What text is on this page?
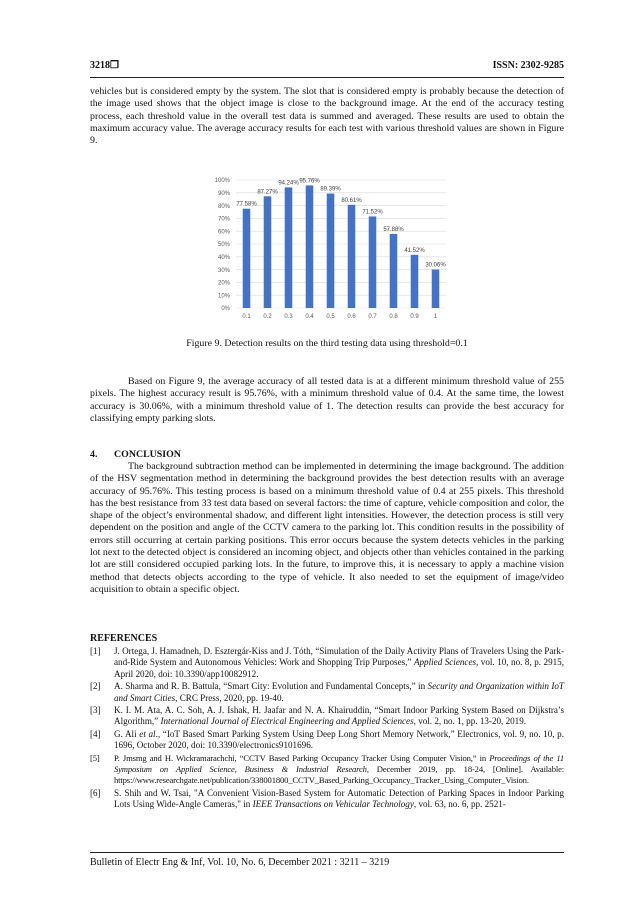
3218❒	ISSN: 2302-9285

vehicles but is considered empty by the system. The slot that is considered empty is probably because the detection of the image used shows that the object image is close to the background image. At the end of the accuracy testing process, each threshold value in the overall test data is summed and averaged. These results are used to obtain the maximum accuracy value. The average accuracy results for each test with various threshold values are shown in Figure 9.

0%
10%
20%
30%
40%
50%
60%
70%
80%
90%
100%
77.58%
0.1
87.27%
0.2
94.24%
0.3
95.76%
0.4
89.39%
0.5
80.61%
0.6
71.52%
0.7
57.88%
0.8
41.52%
0.9
30.06%
1
Figure 9. Detection results on the third testing data using threshold=0.1

Based on Figure 9, the average accuracy of all tested data is at a different minimum threshold value of 255 pixels. The highest accuracy result is 95.76%, with a minimum threshold value of 0.4. At the same time, the lowest accuracy is 30.06%, with a minimum threshold value of 1. The detection results can provide the best accuracy for classifying empty parking slots.

4. CONCLUSION

The background subtraction method can be implemented in determining the image background. The addition of the HSV segmentation method in determining the background provides the best detection results with an average accuracy of 95.76%. This testing process is based on a minimum threshold value of 0.4 at 255 pixels. This threshold has the best resistance from 33 test data based on several factors: the time of capture, vehicle composition and color, the shape of the object’s environmental shadow, and different light intensities. However, the detection process is still very dependent on the position and angle of the CCTV camera to the parking lot. This condition results in the possibility of errors still occurring at certain parking positions. This error occurs because the system detects vehicles in the parking lot next to the detected object is considered an incoming object, and objects other than vehicles contained in the parking lot are still considered occupied parking lots. In the future, to improve this, it is necessary to apply a machine vision method that detects objects according to the type of vehicle. It also needed to set the equipment of image/video acquisition to obtain a specific object.

REFERENCES

[1] J. Ortega, J. Hamadneh, D. Esztergár-Kiss and J. Tóth, “Simulation of the Daily Activity Plans of Travelers Using the Park-and-Ride System and Autonomous Vehicles: Work and Shopping Trip Purposes,” Applied Sciences, vol. 10, no. 8, p. 2915, April 2020, doi: 10.3390/app10082912.

[2] A. Sharma and R. B. Battula, “Smart City: Evolution and Fundamental Concepts,” in Security and Organization within IoT and Smart Cities, CRC Press, 2020, pp. 19-40.

[3] K. I. M. Ata, A. C. Soh, A. J. Ishak, H. Jaafar and N. A. Khairuddin, “Smart Indoor Parking System Based on Dijkstra’s Algorithm,” International Journal of Electrical Engineering and Applied Sciences, vol. 2, no. 1, pp. 13-20, 2019.

[4] G. Ali et al., “IoT Based Smart Parking System Using Deep Long Short Memory Network,” Electronics, vol. 9, no. 10, p. 1696, October 2020, doi: 10.3390/electronics9101696.

[5] P. Jmsmg and H. Wickramarachchi, “CCTV Based Parking Occupancy Tracker Using Computer Vision,” in Proceedings of the 11 Symposium on Applied Science, Business & Industrial Research, December 2019, pp. 18-24, [Online]. Available: https://www.researchgate.net/publication/338001800_CCTV_Based_Parking_Occupancy_Tracker_Using_Computer_Vision.

[6] S. Shih and W. Tsai, "A Convenient Vision-Based System for Automatic Detection of Parking Spaces in Indoor Parking Lots Using Wide-Angle Cameras," in IEEE Transactions on Vehicular Technology, vol. 63, no. 6, pp. 2521-

Bulletin of Electr Eng & Inf, Vol. 10, No. 6, December 2021 : 3211 – 3219
